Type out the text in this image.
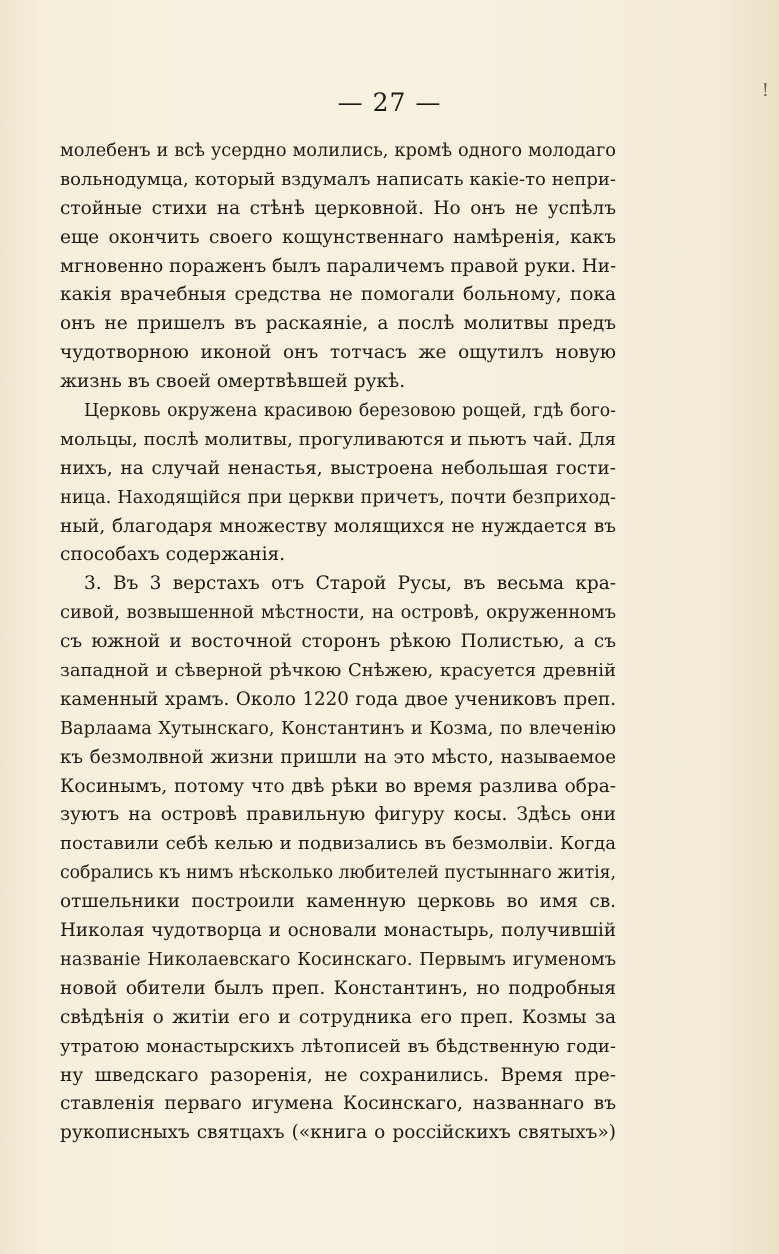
— 27 —	!
молебенъ и всѣ усердно молились, кромѣ одного молодаго
вольнодумца, который вздумалъ написать какіе-то непри-
стойные стихи на стѣнѣ церковной. Но онъ не успѣлъ
еще окончить своего кощунственнаго намѣренія, какъ
мгновенно пораженъ былъ параличемъ правой руки. Ни-
какія врачебныя средства не помогали больному, пока
онъ не пришелъ въ раскаяніе, а послѣ молитвы предъ
чудотворною иконой онъ тотчасъ же ощутилъ новую
жизнь въ своей омертвѣвшей рукѣ.
Церковь окружена красивою березовою рощей, гдѣ бого-
мольцы, послѣ молитвы, прогуливаются и пьютъ чай. Для
нихъ, на случай ненастья, выстроена небольшая гости-
ница. Находящійся при церкви причетъ, почти безприход-
ный, благодаря множеству молящихся не нуждается въ
способахъ содержанія.
3. Въ 3 верстахъ отъ Старой Русы, въ весьма кра-
сивой, возвышенной мѣстности, на островѣ, окруженномъ
съ южной и восточной сторонъ рѣкою Полистью, а съ
западной и сѣверной рѣчкою Снѣжею, красуется древній
каменный храмъ. Около 1220 года двое учениковъ преп.
Варлаама Хутынскаго, Константинъ и Козма, по влеченію
къ безмолвной жизни пришли на это мѣсто, называемое
Косинымъ, потому что двѣ рѣки во время разлива обра-
зуютъ на островѣ правильную фигуру косы. Здѣсь они
поставили себѣ келью и подвизались въ безмолвіи. Когда
собрались къ нимъ нѣсколько любителей пустыннаго житія,
отшельники построили каменную церковь во имя св.
Николая чудотворца и основали монастырь, получившій
названіе Николаевскаго Косинскаго. Первымъ игуменомъ
новой обители былъ преп. Константинъ, но подробныя
свѣдѣнія о житіи его и сотрудника его преп. Козмы за
утратою монастырскихъ лѣтописей въ бѣдственную годи-
ну шведскаго разоренія, не сохранились. Время пре-
ставленія перваго игумена Косинскаго, названнаго въ
рукописныхъ святцахъ («книга о россійскихъ святыхъ»)
